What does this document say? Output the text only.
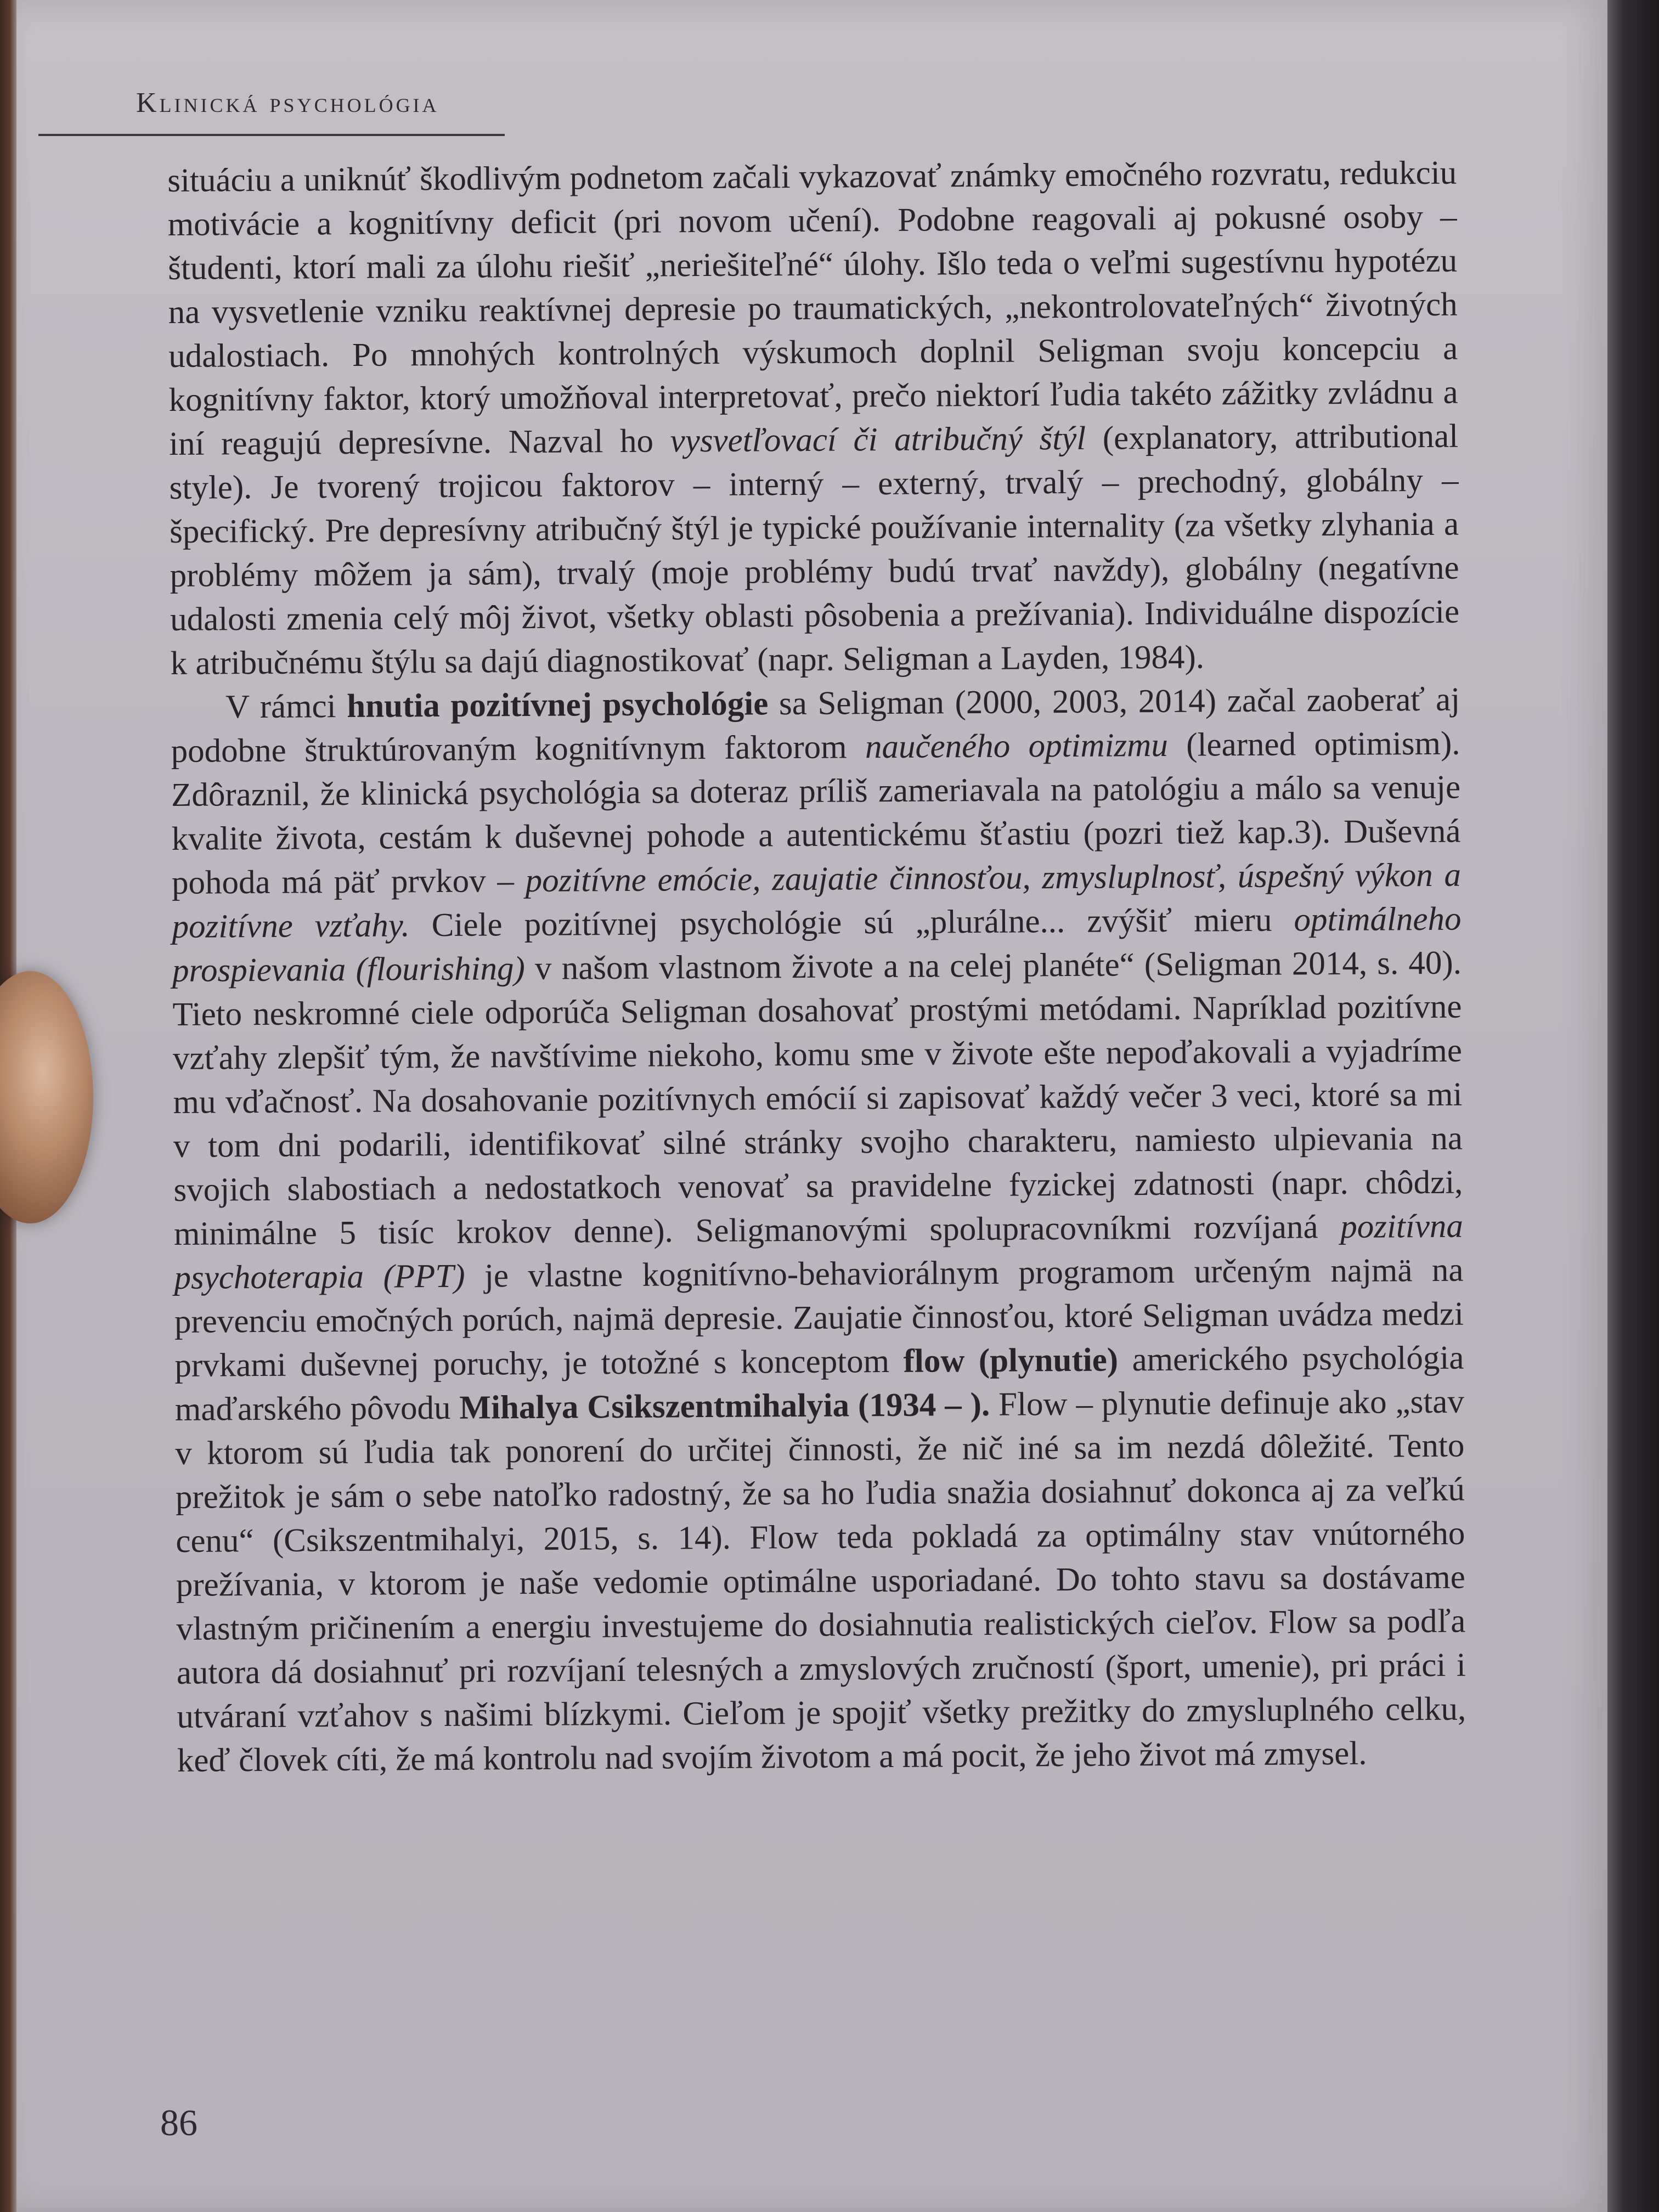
Klinická psychológia

situáciu a uniknúť škodlivým podnetom začali vykazovať známky emočného rozvratu, redukciu motivácie a kognitívny deficit (pri novom učení). Podobne reagovali aj pokusné osoby – študenti, ktorí mali za úlohu riešiť „neriešiteľné“ úlohy. Išlo teda o veľmi sugestívnu hypotézu na vysvetlenie vzniku reaktívnej depresie po traumatických, „nekontrolovateľných“ životných udalostiach. Po mnohých kontrolných výskumoch doplnil Seligman svoju koncepciu a kognitívny faktor, ktorý umožňoval interpretovať, prečo niektorí ľudia takéto zážitky zvládnu a iní reagujú depresívne. Nazval ho vysvetľovací či atribučný štýl (explanatory, attributional style). Je tvorený trojicou faktorov – interný – externý, trvalý – prechodný, globálny – špecifický. Pre depresívny atribučný štýl je typické používanie internality (za všetky zlyhania a problémy môžem ja sám), trvalý (moje problémy budú trvať navždy), globálny (negatívne udalosti zmenia celý môj život, všetky oblasti pôsobenia a prežívania). Individuálne dispozície k atribučnému štýlu sa dajú diagnostikovať (napr. Seligman a Layden, 1984).

V rámci hnutia pozitívnej psychológie sa Seligman (2000, 2003, 2014) začal zaoberať aj podobne štruktúrovaným kognitívnym faktorom naučeného optimizmu (learned optimism). Zdôraznil, že klinická psychológia sa doteraz príliš zameriavala na patológiu a málo sa venuje kvalite života, cestám k duševnej pohode a autentickému šťastiu (pozri tiež kap.3). Duševná pohoda má päť prvkov – pozitívne emócie, zaujatie činnosťou, zmysluplnosť, úspešný výkon a pozitívne vzťahy. Ciele pozitívnej psychológie sú „plurálne... zvýšiť mieru optimálneho prospievania (flourishing) v našom vlastnom živote a na celej planéte“ (Seligman 2014, s. 40). Tieto neskromné ciele odporúča Seligman dosahovať prostými metódami. Napríklad pozitívne vzťahy zlepšiť tým, že navštívime niekoho, komu sme v živote ešte nepoďakovali a vyjadríme mu vďačnosť. Na dosahovanie pozitívnych emócií si zapisovať každý večer 3 veci, ktoré sa mi v tom dni podarili, identifikovať silné stránky svojho charakteru, namiesto ulpievania na svojich slabostiach a nedostatkoch venovať sa pravidelne fyzickej zdatnosti (napr. chôdzi, minimálne 5 tisíc krokov denne). Seligmanovými spolupracovníkmi rozvíjaná pozitívna psychoterapia (PPT) je vlastne kognitívno-behaviorálnym programom určeným najmä na prevenciu emočných porúch, najmä depresie. Zaujatie činnosťou, ktoré Seligman uvádza medzi prvkami duševnej poruchy, je totožné s konceptom flow (plynutie) amerického psychológia maďarského pôvodu Mihalya Csikszentmihalyia (1934 – ). Flow – plynutie definuje ako „stav v ktorom sú ľudia tak ponorení do určitej činnosti, že nič iné sa im nezdá dôležité. Tento prežitok je sám o sebe natoľko radostný, že sa ho ľudia snažia dosiahnuť dokonca aj za veľkú cenu“ (Csikszentmihalyi, 2015, s. 14). Flow teda pokladá za optimálny stav vnútorného prežívania, v ktorom je naše vedomie optimálne usporiadané. Do tohto stavu sa dostávame vlastným pričinením a energiu investujeme do dosiahnutia realistických cieľov. Flow sa podľa autora dá dosiahnuť pri rozvíjaní telesných a zmyslových zručností (šport, umenie), pri práci i utváraní vzťahov s našimi blízkymi. Cieľom je spojiť všetky prežitky do zmysluplného celku, keď človek cíti, že má kontrolu nad svojím životom a má pocit, že jeho život má zmysel.

86
